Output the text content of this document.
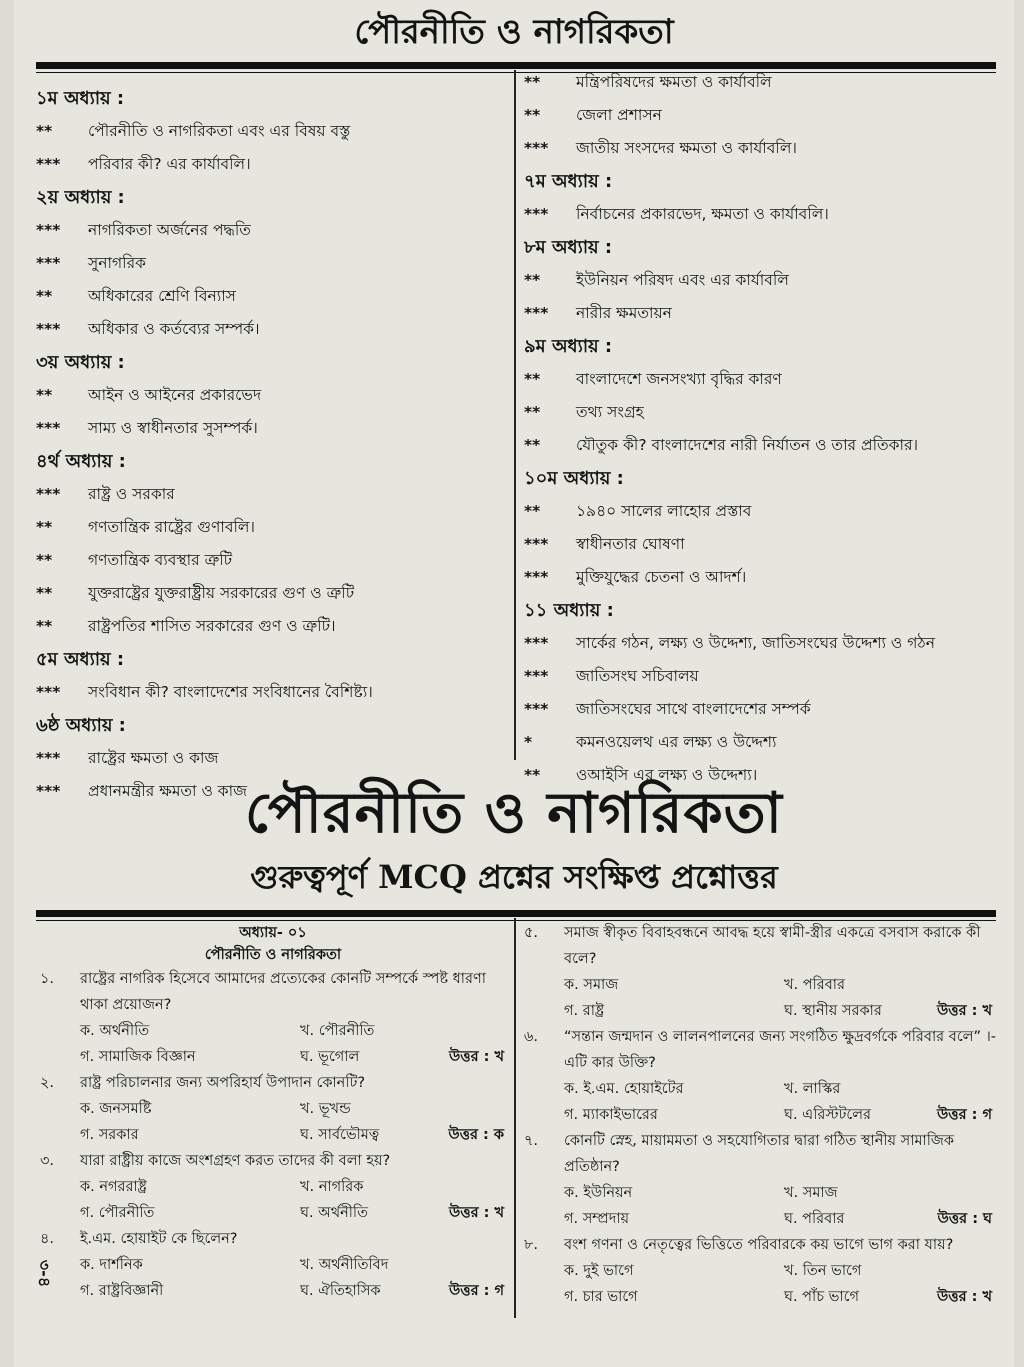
পৌরনীতি ও নাগরিকতা
১ম অধ্যায় :
** পৌরনীতি ও নাগরিকতা এবং এর বিষয় বস্তু
*** পরিবার কী? এর কার্যাবলি।
২য় অধ্যায় :
*** নাগরিকতা অর্জনের পদ্ধতি
*** সুনাগরিক
** অধিকারের শ্রেণি বিন্যাস
*** অধিকার ও কর্তব্যের সম্পর্ক।
৩য় অধ্যায় :
** আইন ও আইনের প্রকারভেদ
*** সাম্য ও স্বাধীনতার সুসম্পর্ক।
৪র্থ অধ্যায় :
*** রাষ্ট্র ও সরকার
** গণতান্ত্রিক রাষ্ট্রের গুণাবলি।
** গণতান্ত্রিক ব্যবস্থার ত্রুটি
** যুক্তরাষ্ট্রের যুক্তরাষ্ট্রীয় সরকারের গুণ ও ত্রুটি
** রাষ্ট্রপতির শাসিত সরকারের গুণ ও ত্রুটি।
৫ম অধ্যায় :
*** সংবিধান কী? বাংলাদেশের সংবিধানের বৈশিষ্ট্য।
৬ষ্ঠ অধ্যায় :
*** রাষ্ট্রের ক্ষমতা ও কাজ
*** প্রধানমন্ত্রীর ক্ষমতা ও কাজ
** মন্ত্রিপরিষদের ক্ষমতা ও কার্যাবলি
** জেলা প্রশাসন
*** জাতীয় সংসদের ক্ষমতা ও কার্যাবলি।
৭ম অধ্যায় :
*** নির্বাচনের প্রকারভেদ, ক্ষমতা ও কার্যাবলি।
৮ম অধ্যায় :
** ইউনিয়ন পরিষদ এবং এর কার্যাবলি
*** নারীর ক্ষমতায়ন
৯ম অধ্যায় :
** বাংলাদেশে জনসংখ্যা বৃদ্ধির কারণ
** তথ্য সংগ্রহ
** যৌতুক কী? বাংলাদেশের নারী নির্যাতন ও তার প্রতিকার।
১০ম অধ্যায় :
** ১৯৪০ সালের লাহোর প্রস্তাব
*** স্বাধীনতার ঘোষণা
*** মুক্তিযুদ্ধের চেতনা ও আদর্শ।
১১ অধ্যায় :
*** সার্কের গঠন, লক্ষ্য ও উদ্দেশ্য, জাতিসংঘের উদ্দেশ্য ও গঠন
*** জাতিসংঘ সচিবালয়
*** জাতিসংঘের সাথে বাংলাদেশের সম্পর্ক
*	কমনওয়েলথ এর লক্ষ্য ও উদ্দেশ্য
** ওআইসি এর লক্ষ্য ও উদ্দেশ্য।
পৌরনীতি ও নাগরিকতা
গুরুত্বপূর্ণ MCQ প্রশ্নের সংক্ষিপ্ত প্রশ্নোত্তর
অধ্যায়- ০১
পৌরনীতি ও নাগরিকতা
১. রাষ্ট্রের নাগরিক হিসেবে আমাদের প্রত্যেকের কোনটি সম্পর্কে স্পষ্ট ধারণা থাকা প্রয়োজন?
ক. অর্থনীতি	খ. পৌরনীতি
গ. সামাজিক বিজ্ঞান	ঘ. ভূগোল	উত্তর : খ
২. রাষ্ট্র পরিচালনার জন্য অপরিহার্য উপাদান কোনটি?
ক. জনসমষ্টি	খ. ভূখন্ড
গ. সরকার	ঘ. সার্বভৌমত্ব	উত্তর : ক
৩. যারা রাষ্ট্রীয় কাজে অংশগ্রহণ করত তাদের কী বলা হয়?
ক. নগররাষ্ট্র	খ. নাগরিক
গ. পৌরনীতি	ঘ. অর্থনীতি	উত্তর : খ
৪. ই.এম. হোয়াইট কে ছিলেন?
ক. দার্শনিক	খ. অর্থনীতিবিদ
গ. রাষ্ট্রবিজ্ঞানী	ঘ. ঐতিহাসিক	উত্তর : গ
৫. সমাজ স্বীকৃত বিবাহবন্ধনে আবদ্ধ হয়ে স্বামী-স্ত্রীর একত্রে বসবাস করাকে কী বলে?
ক. সমাজ	খ. পরিবার
গ. রাষ্ট্র	ঘ. স্থানীয় সরকার	উত্তর : খ
৬. “সন্তান জন্মদান ও লালনপালনের জন্য সংগঠিত ক্ষুদ্রবর্গকে পরিবার বলে” ।- এটি কার উক্তি?
ক. ই.এম. হোয়াইটের	খ. লাস্কির
গ. ম্যাকাইভারের	ঘ. এরিস্টটলের	উত্তর : গ
৭. কোনটি স্নেহ, মায়ামমতা ও সহযোগিতার দ্বারা গঠিত স্থানীয় সামাজিক প্রতিষ্ঠান?
ক. ইউনিয়ন	খ. সমাজ
গ. সম্প্রদায়	ঘ. পরিবার	উত্তর : ঘ
৮. বংশ গণনা ও নেতৃত্বের ভিত্তিতে পরিবারকে কয় ভাগে ভাগ করা যায়?
ক. দুই ভাগে	খ. তিন ভাগে
গ. চার ভাগে	ঘ. পাঁচ ভাগে	উত্তর : খ
৩-৪
